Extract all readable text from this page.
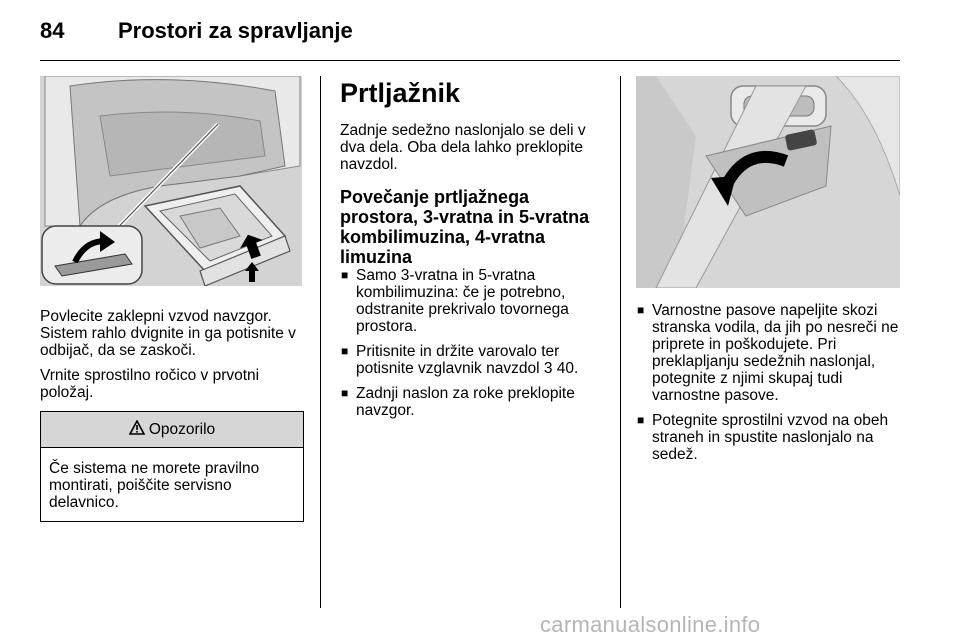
84 Prostori za spravljanje

Povlecite zaklepni vzvod navzgor. Sistem rahlo dvignite in ga potisnite v odbijač, da se zaskoči.

Vrnite sprostilno ročico v prvotni položaj.

Opozorilo
Če sistema ne morete pravilno montirati, poiščite servisno delavnico.
Prtljažnik

Zadnje sedežno naslonjalo se deli v dva dela. Oba dela lahko preklopite navzdol.

Povečanje prtljažnega prostora, 3-vratna in 5-vratna kombilimuzina, 4-vratna limuzina
■ Samo 3-vratna in 5-vratna kombilimuzina: če je potrebno, odstranite prekrivalo tovornega prostora.
■ Pritisnite in držite varovalo ter potisnite vzglavnik navzdol 3 40.
■ Zadnji naslon za roke preklopite navzgor.
■ Varnostne pasove napeljite skozi stranska vodila, da jih po nesreči ne priprete in poškodujete. Pri preklapljanju sedežnih naslonjal, potegnite z njimi skupaj tudi varnostne pasove.
■ Potegnite sprostilni vzvod na obeh straneh in spustite naslonjalo na sedež.
carmanualsonline.info
